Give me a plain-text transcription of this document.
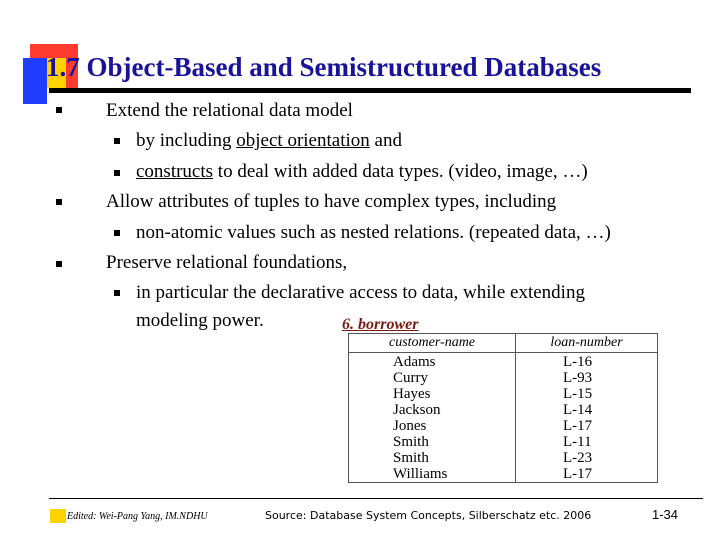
1.7 Object-Based and Semistructured Databases
Extend the relational data model
by including object orientation and
constructs to deal with added data types. (video, image, …)
Allow attributes of tuples to have complex types, including
non-atomic values such as nested relations. (repeated data, …)
Preserve relational foundations,
in particular the declarative access to data, while extending
modeling power.	6. borrower
customer-name	loan-number
Adams	L-16
Curry	L-93
Hayes	L-15
Jackson	L-14
Jones	L-17
Smith	L-11
Smith	L-23
Williams	L-17
Edited: Wei-Pang Yang, IM.NDHU	Source: Database System Concepts, Silberschatz etc. 2006	1-34
